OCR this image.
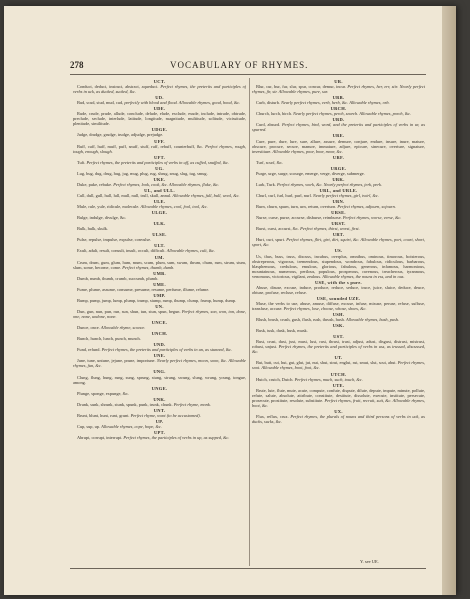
278	VOCABULARY OF RHYMES.
UCT.

Conduct, deduct, instruct, abstract, aqueduct. Perfect rhymes, the preterits and participles of verbs in uck, as ducked, sucked, &c.

UD.

Bud, scud, stud, mud, cud, perfectly with blood and flood. Allowable rhymes, good, hood, &c.

UDE.

Rude, crude, prude, allude, conclude, delude, elude, exclude, exude, include, intrude, obtrude, preclude, seclude, interlude, latitude, longitude, magnitude, multitude, solitude, vicissitude, plenitude, similitude.

UDGE.

Judge, drudge, grudge, trudge, adjudge, prejudge.

UFF.

Buff, cuff, huff, muff, puff, snuff, stuff, ruff, rebuff, counterbuff, &c. Perfect rhymes, rough, tough, enough, slough.

UFT.

Tuft. Perfect rhymes, the preterits and participles of verbs in uff, as cuffed, snuffed, &c.

UG.

Lug, bug, dug, drug, hug, jug, mug, plug, rug, shrug, snug, slug, tug, smug.

UKE.

Duke, puke, rebuke. Perfect rhymes, look, cook, &c. Allowable rhymes, fluke, &c.

UL, and ULL.

Cull, dull, gull, hull, lull, mull, null, trull, skull, annul. Allowable rhymes, full, bull, wool, &c.

ULE.

Mule, rule, yule, ridicule, molecule. Allowable rhymes, cool, fool, tool, &c.

ULGE.

Bulge, indulge, divulge, &c.

ULK.

Bulk, hulk, skulk.

ULSE.

Pulse, repulse, impulse, expulse, convulse.

ULT.

Exult, adult, result, consult, insult, occult, difficult. Allowable rhymes, cult, &c.

UM.

Crum, drum, gum, glum, hum, mum, scum, plum, sum, swum, thrum, chum, rum, strum, stum, slum, some, become, come. Perfect rhymes, thumb, dumb.

UMB.

Dumb, numb, thumb, crumb, succumb, plumb.

UME.

Fume, plume, assume, consume, presume, resume, perfume, illume, relume.

UMP.

Bump, pump, jump, lump, plump, trump, stump, rump, thump, clump, frump, hump, dump.

UN.

Dun, gun, nun, pun, run, sun, shun, tun, stun, spun, begun. Perfect rhymes, son, won, ton, done, one, none, undone, none.

UNCE.

Dunce, once. Allowable rhyme, sconce.

UNCH.

Bunch, hunch, lunch, punch, munch.

UND.

Fund, refund. Perfect rhymes, the preterits and participles of verbs in un, as stunned, &c.

UNE.

June, tune, untune, jejune, prune, importune. Nearly perfect rhymes, moon, soon, &c. Allowable rhymes, fun, &c.

UNG.

Clung, flung, hung, rung, sung, sprung, stung, strung, swung, slung, wrung, young, tongue, among.

UNGE.

Plunge, sponge, expunge, &c.

UNK.

Drunk, sunk, shrunk, stunk, spunk, punk, trunk, chunk. Perfect rhyme, monk.

UNT.

Brunt, blunt, hunt, runt, grunt. Perfect rhyme, wont (to be accustomed).

UP.

Cup, sup, up. Allowable rhymes, cope, hope, &c.

UPT.

Abrupt, corrupt, interrupt. Perfect rhymes, the participles of verbs in up, as supped, &c.

UR.

Blur, cur, bur, fur, slur, spur, concur, demur, incur. Perfect rhymes, her, err, stir. Nearly perfect rhymes, fir, sir. Allowable rhymes, pure, sur.

URB.

Curb, disturb. Nearly perfect rhymes, verb, herb, &c. Allowable rhymes, orb.

URCH.

Church, lurch, birch. Nearly perfect rhymes, perch, search. Allowable rhymes, porch, &c.

URD.

Curd, absurd. Perfect rhymes, bird, word, and the preterits and participles of verbs in ur, as spurred.

URE.

Cure, pure, dure, lure, sure, allure, assure, demure, conjure, endure, insure, inure, mature, obscure, procure, secure, manure, immature, adjure, epicure, sinecure, overture, signature, investiture. Allowable rhymes, poor, boor, moor, &c.

URF.

Turf, scurf, &c.

URGE.

Purge, urge, surge, scourge, emerge, verge, diverge, submerge.

URK.

Lurk, Turk. Perfect rhymes, work, &c. Nearly perfect rhymes, jerk, perk.

URL, and URLE.

Churl, curl, furl, hurl, purl, nurl. Nearly perfect rhymes, girl, twirl, &c.

URN.

Burn, churn, spurn, turn, urn, return, overturn. Perfect rhymes, adjourn, sojourn.

URSE.

Nurse, curse, purse, accurse, disburse, reimburse. Perfect rhymes, worse, verse, &c.

URST.

Burst, curst, accurst, &c. Perfect rhymes, thirst, worst, first.

URT.

Hurt, curt, spurt. Perfect rhymes, flirt, girt, dirt, squirt, &c. Allowable rhymes, port, court, short, sport, &c.

US.

Us, thus, buss, truss, discuss, incubus, overplus, omnibus, ominous, timorous, boisterous, obstreperous, vigorous, tremendous, stupendous, wondrous, fabulous, ridiculous, barbarous, blasphemous, credulous, emulous, glorious, fabulous, generous, infamous, harmonious, mountainous, numerous, perilous, populous, prosperous, ravenous, treacherous, tyrannous, venomous, victorious, vigilant, zealous. Allowable rhymes, the nouns in ess, and in ous.

USE, with the s pure.

Abuse, disuse, excuse, induce, produce, reduce, seduce, truce, juice, sluice, deduce, deuce, obtuse, profuse, recluse, refuse.

USE, sounded UZE.

Muse, the verbs to use, abuse, amuse, diffuse, excuse, infuse, misuse, peruse, refuse, suffuse, transfuse, accuse. Perfect rhymes, lose, choose, whose, shoes, &c.

USH.

Blush, brush, crush, gush, flush, rush, thrush, hush. Allowable rhymes, bush, push.

USK.

Busk, tusk, dusk, husk, musk.

UST.

Bust, crust, dust, just, must, lust, rust, thrust, trust, adjust, adust, disgust, distrust, mistrust, robust, unjust. Perfect rhymes, the preterits and participles of verbs in uss, as trussed, discussed, &c.

UT.

But, butt, cut, hut, gut, glut, jut, nut, shut, strut, englut, rut, smut, slut, scut, abut. Perfect rhymes, soot. Allowable rhymes, boot, foot, &c.

UTCH.

Hutch, crutch, Dutch. Perfect rhymes, much, such, touch, &c.

UTE.

Brute, lute, flute, mute, acute, compute, confute, dispute, dilute, depute, impute, minute, pollute, refute, salute, absolute, attribute, constitute, destitute, dissolute, execute, institute, persecute, prosecute, prostitute, resolute, substitute. Perfect rhymes, fruit, recruit, suit, &c. Allowable rhymes, boot, &c.

UX.

Flux, reflux, crux. Perfect rhymes, the plurals of nouns and third persons of verbs in uck, as ducks, sucks, &c.

Y. see UE.
